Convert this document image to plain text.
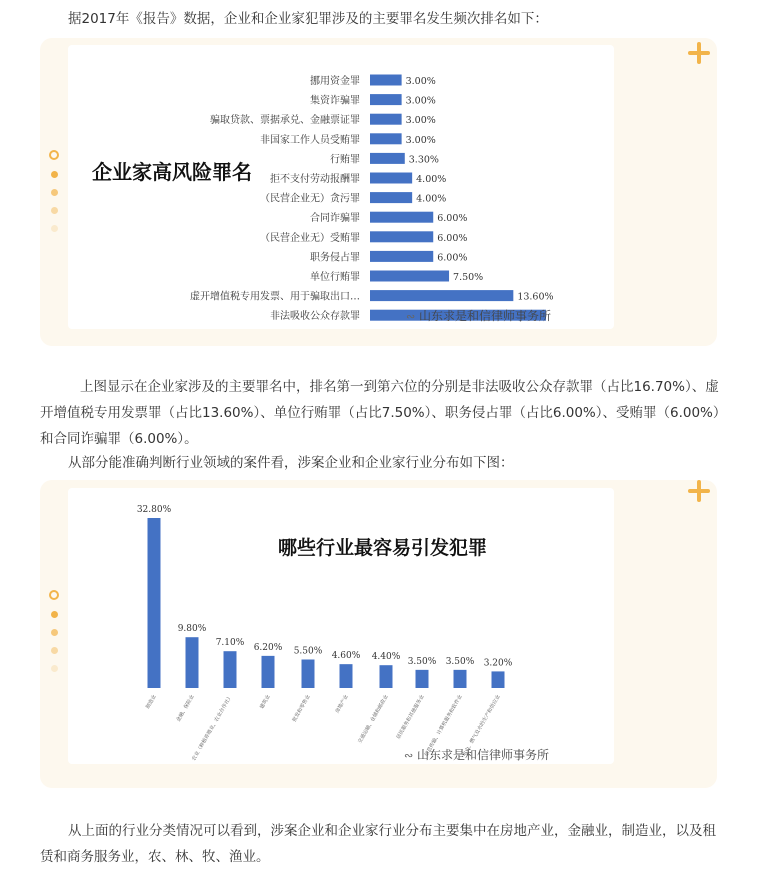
据2017年《报告》数据，企业和企业家犯罪涉及的主要罪名发生频次排名如下：

企业家高风险罪名
挪用资金罪
集资诈骗罪
骗取贷款、票据承兑、金融票证罪
非国家工作人员受贿罪
行贿罪
拒不支付劳动报酬罪
（民营企业无）贪污罪
合同诈骗罪
（民营企业无）受贿罪
职务侵占罪
单位行贿罪
虚开增值税专用发票、用于骗取出口…
非法吸收公众存款罪
3.00%
3.00%
3.00%
3.00%
3.30%
4.00%
4.00%
6.00%
6.00%
6.00%
7.50%
13.60%
∾ 山东求是和信律师事务所

上图显示在企业家涉及的主要罪名中，排名第一到第六位的分别是非法吸收公众存款罪（占比16.70%）、虚开增值税专用发票罪（占比13.60%）、单位行贿罪（占比7.50%）、职务侵占罪（占比6.00%）、受贿罪（6.00%）和合同诈骗罪（6.00%）。

从部分能准确判断行业领域的案件看，涉案企业和企业家行业分布如下图：

哪些行业最容易引发犯罪
32.80%
9.80%
7.10% 6.20% 5.50% 4.60% 4.40% 3.50% 3.50% 3.20%
制造业	金融、保险业
农业（种植养殖业、农业合作社）	建筑业	批发和零售业	房地产业 交通运输、仓储和邮政业 居民服务和其他服务业
信息传输、计算机服务和软件业
电力、燃气及水的生产和供应业
∾ 山东求是和信律师事务所

从上面的行业分类情况可以看到，涉案企业和企业家行业分布主要集中在房地产业，金融业，制造业，以及租赁和商务服务业，农、林、牧、渔业。
